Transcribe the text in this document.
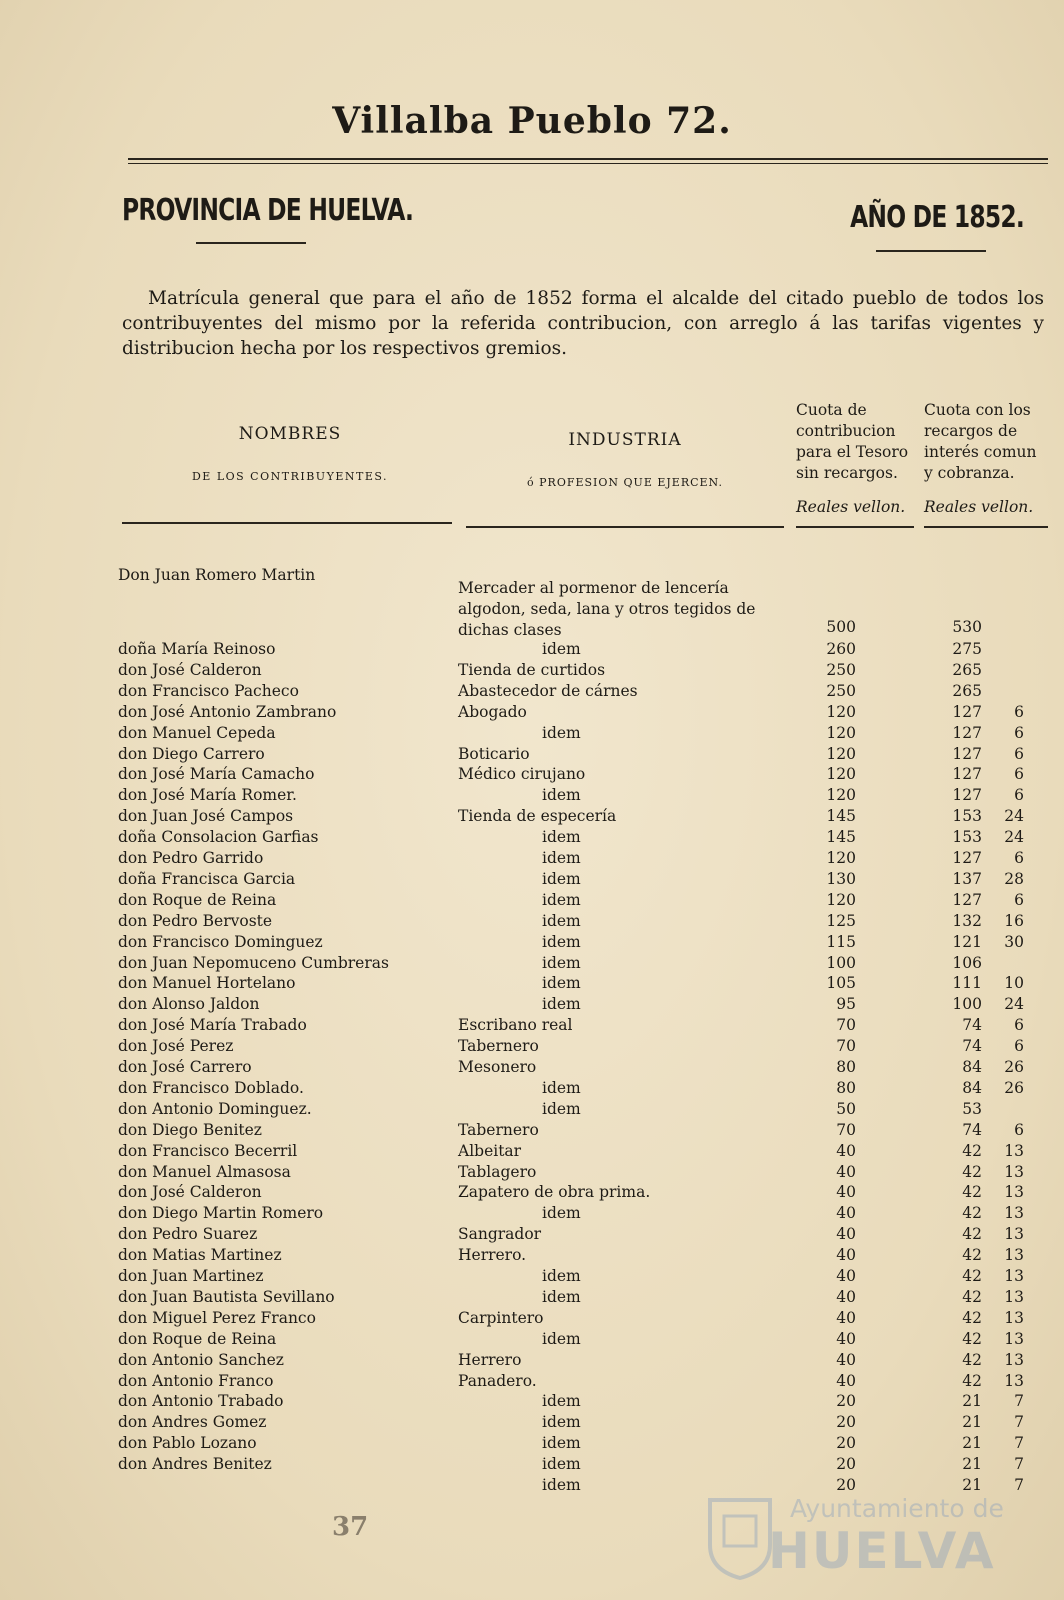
Villalba Pueblo 72.
PROVINCIA DE HUELVA.	AÑO DE 1852.
Matrícula general que para el año de 1852 forma el alcalde del citado pueblo de todos los contribuyentes del mismo por la referida contribucion, con arreglo á las tarifas vigentes y distribucion hecha por los respectivos gremios.
NOMBRES
DE LOS CONTRIBUYENTES.
INDUSTRIA
ó PROFESION QUE EJERCEN.
Cuota de contribucion para el Tesoro sin recargos.
Cuota con los recargos de interés comun y cobranza.
Reales vellon.	Reales vellon.
Don Juan Romero Martin
Mercader al pormenor de lencería algodon, seda, lana y otros tegidos de dichas clases	500	530
doña María Reinoso	idem	260	275
don José Calderon	Tienda de curtidos	250	265
don Francisco Pacheco	Abastecedor de cárnes	250	265
don José Antonio Zambrano	Abogado	120	127	6
don Manuel Cepeda	idem	120	127	6
don Diego Carrero	Boticario	120	127	6
don José María Camacho	Médico cirujano	120	127	6
don José María Romer.	idem	120	127	6
don Juan José Campos	Tienda de especería	145	153	24
doña Consolacion Garfias	idem	145	153	24
don Pedro Garrido	idem	120	127	6
doña Francisca Garcia	idem	130	137	28
don Roque de Reina	idem	120	127	6
don Pedro Bervoste	idem	125	132	16
don Francisco Dominguez	idem	115	121	30
don Juan Nepomuceno Cumbreras	idem	100	106
don Manuel Hortelano	idem	105	111	10
don Alonso Jaldon	idem	95	100	24
don José María Trabado	Escribano real	70	74	6
don José Perez	Tabernero	70	74	6
don José Carrero	Mesonero	80	84	26
don Francisco Doblado.	idem	80	84	26
don Antonio Dominguez.	idem	50	53
don Diego Benitez	Tabernero	70	74	6
don Francisco Becerril	Albeitar	40	42	13
don Manuel Almasosa	Tablagero	40	42	13
don José Calderon	Zapatero de obra prima.	40	42	13
don Diego Martin Romero	idem	40	42	13
don Pedro Suarez	Sangrador	40	42	13
don Matias Martinez	Herrero.	40	42	13
don Juan Martinez	idem	40	42	13
don Juan Bautista Sevillano	idem	40	42	13
don Miguel Perez Franco	Carpintero	40	42	13
don Roque de Reina	idem	40	42	13
don Antonio Sanchez	Herrero	40	42	13
don Antonio Franco	Panadero.	40	42	13
don Antonio Trabado	idem	20	21	7
don Andres Gomez	idem	20	21	7
don Pablo Lozano	idem	20	21	7
don Andres Benitez	idem	20	21	7
idem	20	21	7
37
Ayuntamiento de
HUELVA
